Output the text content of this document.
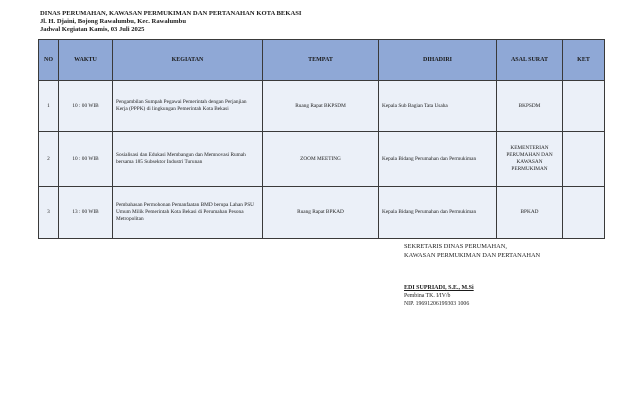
DINAS PERUMAHAN, KAWASAN PERMUKIMAN DAN PERTANAHAN KOTA BEKASI
Jl. H. Djaini, Bojong Rawalumbu, Kec. Rawalumbu
Jadwal Kegiatan Kamis, 03 Juli 2025
NO	WAKTU	KEGIATAN	TEMPAT	DIHADIRI	ASAL SURAT	KET
1	10 : 00 WIB	Pengambilan Sumpah Pegawai Pemerintah dengan Perjanjian Kerja (PPPK) di lingkungan Pemerintah Kota Bekasi	Ruang Rapat BKPSDM	Kepala Sub Bagian Tata Usaha	BKPSDM	
2	10 : 00 WIB	Sosialisasi dan Edukasi Membangun dan Memnovasi Rumah bersama 185 Subsektor Industri Turunan	ZOOM MEETING	Kepala Bidang Perumahan dan Permukiman	KEMENTERIAN PERUMAHAN DAN KAWASAN PERMUKIMAN	
3	13 : 00 WIB	Pembahasan Permohonan Pemanfaatan BMD berupa Lahan PSU Umum Milik Pemerintah Kota Bekasi di Perumahan Pesona Metropolitan	Ruang Rapat BPKAD	Kepala Bidang Perumahan dan Permukiman	BPKAD	
SEKRETARIS DINAS PERUMAHAN,
KAWASAN PERMUKIMAN DAN PERTANAHAN
EDI SUPRIADI, S.E., M.Si
Pembina TK. I/IV/b
NIP. 19691206199303 1006
